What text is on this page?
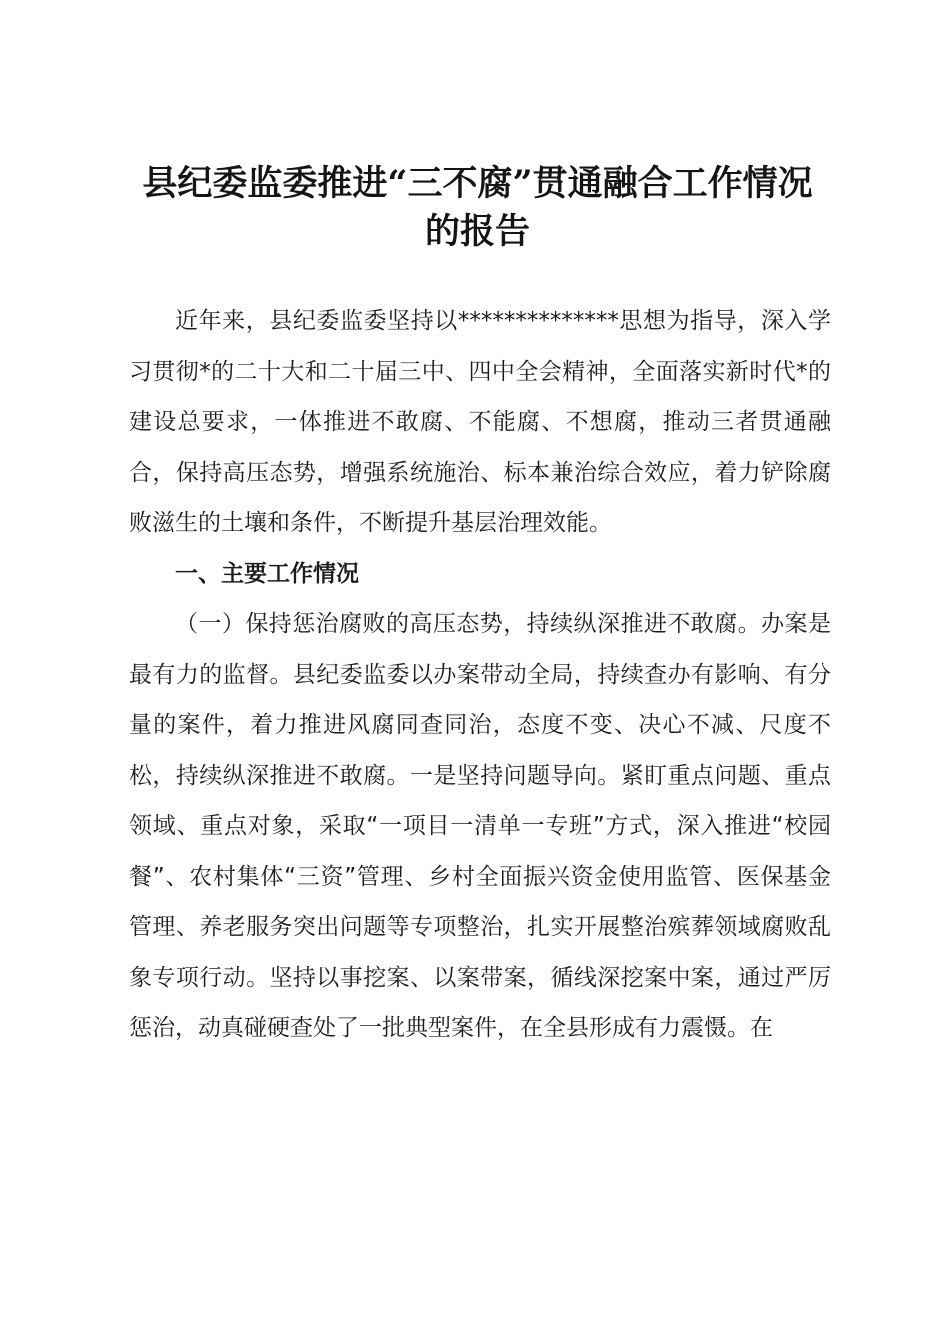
县纪委监委推进“三不腐”贯通融合工作情况
的报告

近年来，县纪委监委坚持以**************思想为指导，深入学习贯彻*的二十大和二十届三中、四中全会精神，全面落实新时代*的建设总要求，一体推进不敢腐、不能腐、不想腐，推动三者贯通融合，保持高压态势，增强系统施治、标本兼治综合效应，着力铲除腐败滋生的土壤和条件，不断提升基层治理效能。

一、主要工作情况

（一）保持惩治腐败的高压态势，持续纵深推进不敢腐。办案是最有力的监督。县纪委监委以办案带动全局，持续查办有影响、有分量的案件，着力推进风腐同查同治，态度不变、决心不减、尺度不松，持续纵深推进不敢腐。一是坚持问题导向。紧盯重点问题、重点领域、重点对象，采取“一项目一清单一专班”方式，深入推进“校园餐”、农村集体“三资”管理、乡村全面振兴资金使用监管、医保基金管理、养老服务突出问题等专项整治，扎实开展整治殡葬领域腐败乱象专项行动。坚持以事挖案、以案带案，循线深挖案中案，通过严厉惩治，动真碰硬查处了一批典型案件，在全县形成有力震慑。在
